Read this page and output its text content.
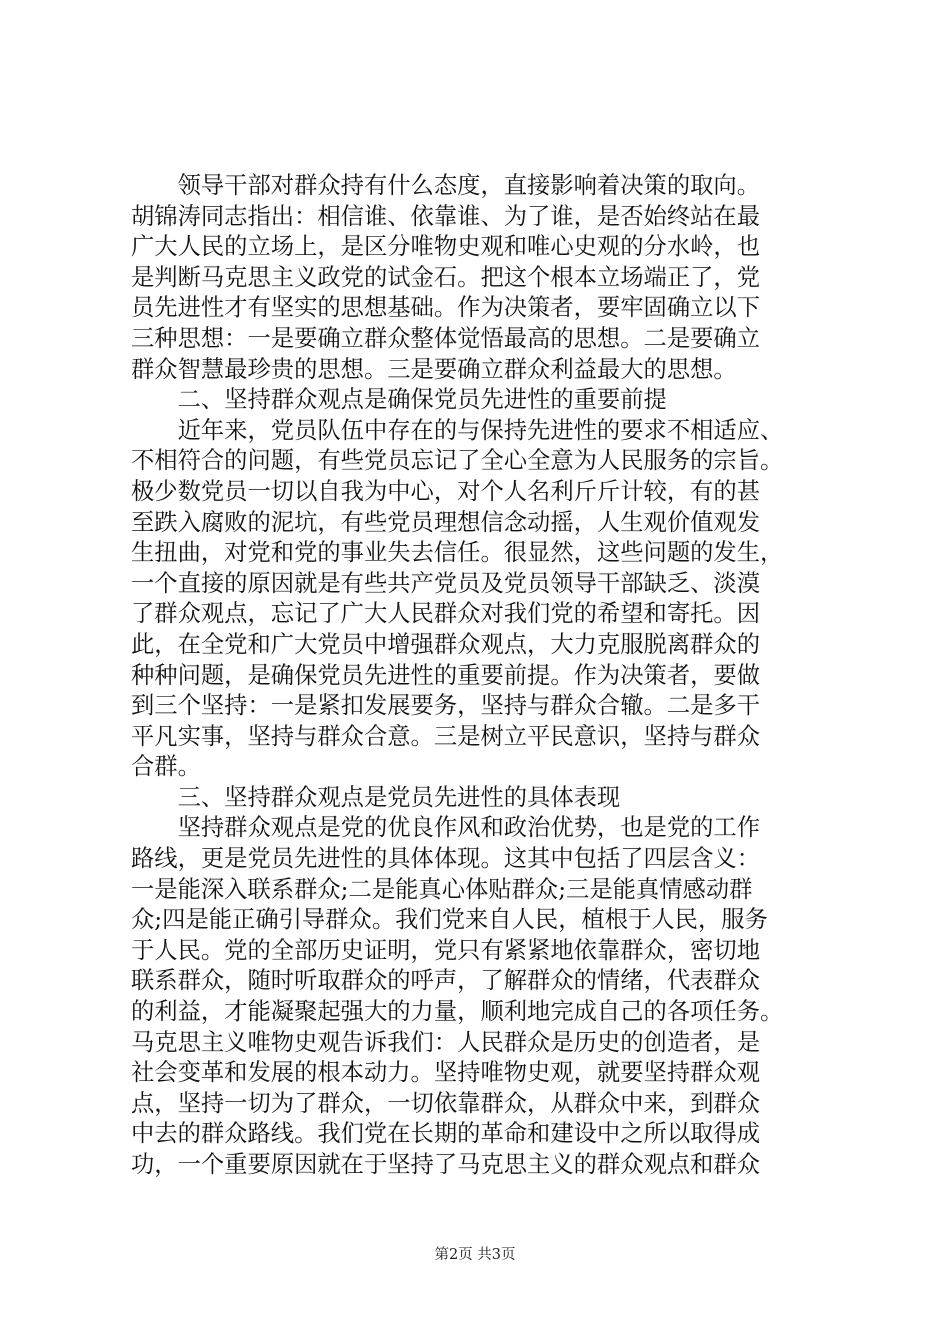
　　领导干部对群众持有什么态度，直接影响着决策的取向。
胡锦涛同志指出：相信谁、依靠谁、为了谁，是否始终站在最
广大人民的立场上，是区分唯物史观和唯心史观的分水岭，也
是判断马克思主义政党的试金石。把这个根本立场端正了，党
员先进性才有坚实的思想基础。作为决策者，要牢固确立以下
三种思想：一是要确立群众整体觉悟最高的思想。二是要确立
群众智慧最珍贵的思想。三是要确立群众利益最大的思想。
　　二、坚持群众观点是确保党员先进性的重要前提
　　近年来，党员队伍中存在的与保持先进性的要求不相适应、
不相符合的问题，有些党员忘记了全心全意为人民服务的宗旨。
极少数党员一切以自我为中心，对个人名利斤斤计较，有的甚
至跌入腐败的泥坑，有些党员理想信念动摇，人生观价值观发
生扭曲，对党和党的事业失去信任。很显然，这些问题的发生，
一个直接的原因就是有些共产党员及党员领导干部缺乏、淡漠
了群众观点，忘记了广大人民群众对我们党的希望和寄托。因
此，在全党和广大党员中增强群众观点，大力克服脱离群众的
种种问题，是确保党员先进性的重要前提。作为决策者，要做
到三个坚持：一是紧扣发展要务，坚持与群众合辙。二是多干
平凡实事，坚持与群众合意。三是树立平民意识，坚持与群众
合群。
　　三、坚持群众观点是党员先进性的具体表现
　　坚持群众观点是党的优良作风和政治优势，也是党的工作
路线，更是党员先进性的具体体现。这其中包括了四层含义：
一是能深入联系群众;二是能真心体贴群众;三是能真情感动群
众;四是能正确引导群众。我们党来自人民，植根于人民，服务
于人民。党的全部历史证明，党只有紧紧地依靠群众，密切地
联系群众，随时听取群众的呼声，了解群众的情绪，代表群众
的利益，才能凝聚起强大的力量，顺利地完成自己的各项任务。
马克思主义唯物史观告诉我们：人民群众是历史的创造者，是
社会变革和发展的根本动力。坚持唯物史观，就要坚持群众观
点，坚持一切为了群众，一切依靠群众，从群众中来，到群众
中去的群众路线。我们党在长期的革命和建设中之所以取得成
功，一个重要原因就在于坚持了马克思主义的群众观点和群众
第2页 共3页
